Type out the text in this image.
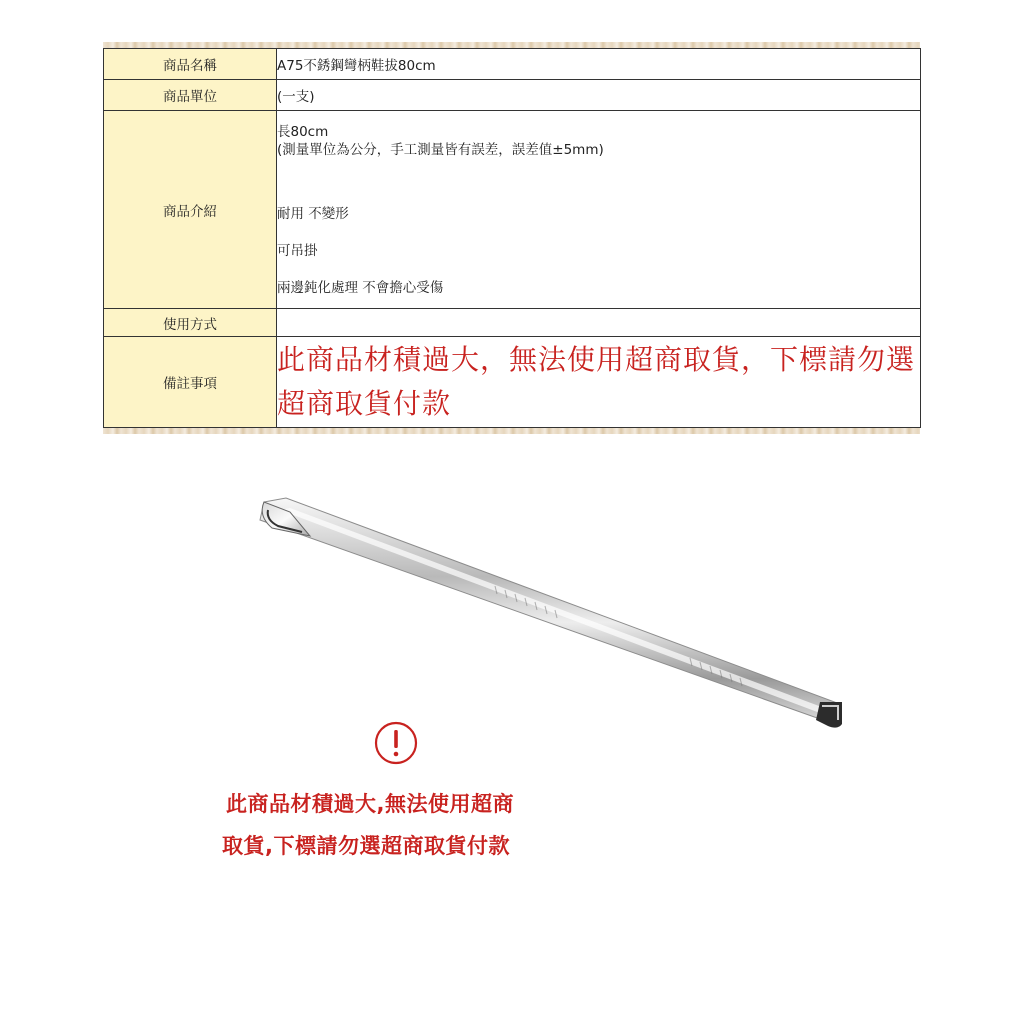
商品名稱	A75不銹鋼彎柄鞋拔80cm
商品單位	(一支)
商品介紹	長80cm
(測量單位為公分，手工測量皆有誤差，誤差值±5mm)
耐用 不變形
可吊掛
兩邊鈍化處理 不會擔心受傷

使用方式	
備註事項	此商品材積過大，無法使用超商取貨，下標請勿選超商取貨付款
此商品材積過大,無法使用超商
取貨,下標請勿選超商取貨付款
